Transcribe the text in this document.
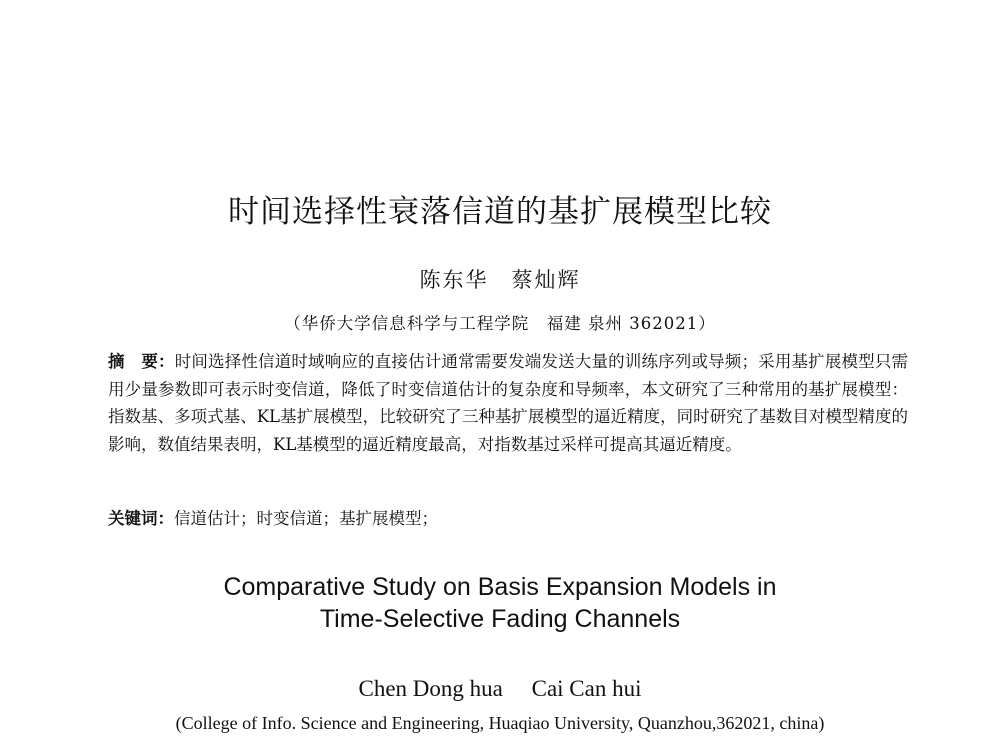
时间选择性衰落信道的基扩展模型比较
陈东华　蔡灿辉
（华侨大学信息科学与工程学院　福建 泉州 362021）
摘　要：时间选择性信道时域响应的直接估计通常需要发端发送大量的训练序列或导频；采用基扩展模型只需用少量参数即可表示时变信道，降低了时变信道估计的复杂度和导频率，本文研究了三种常用的基扩展模型：指数基、多项式基、KL基扩展模型，比较研究了三种基扩展模型的逼近精度，同时研究了基数目对模型精度的影响，数值结果表明，KL基模型的逼近精度最高，对指数基过采样可提高其逼近精度。
关键词：信道估计；时变信道；基扩展模型；
Comparative Study on Basis Expansion Models in
Time-Selective Fading Channels
Chen Dong hua　 Cai Can hui
(College of Info. Science and Engineering, Huaqiao University, Quanzhou,362021, china)
